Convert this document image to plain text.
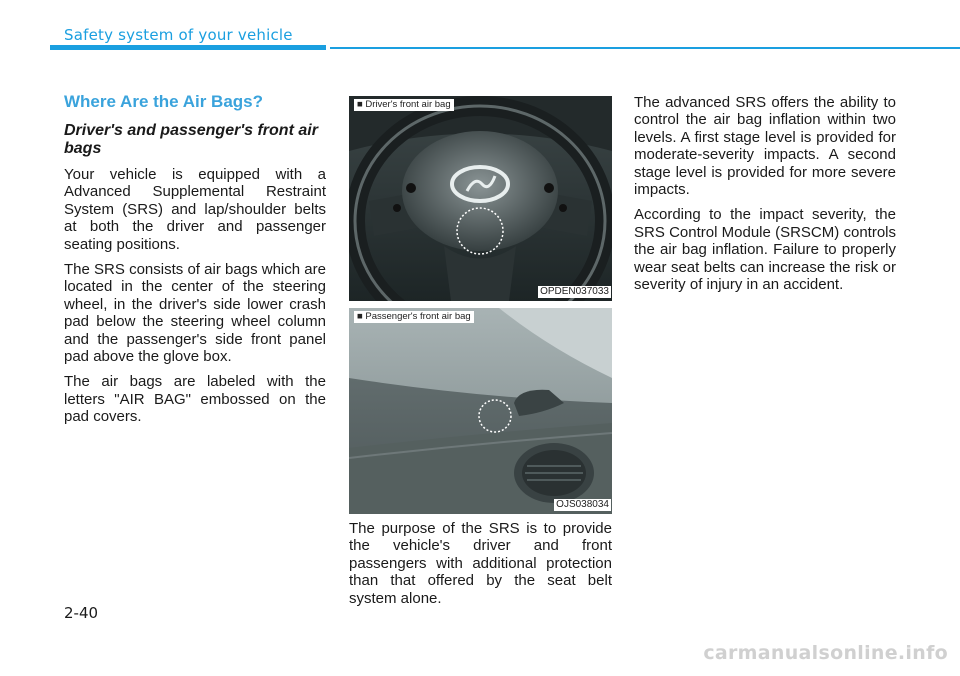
Safety system of your vehicle
Where Are the Air Bags?
Driver's and passenger's front air bags

Your vehicle is equipped with a Advanced Supplemental Restraint System (SRS) and lap/shoulder belts at both the driver and passenger seating positions.

The SRS consists of air bags which are located in the center of the steering wheel, in the driver's side lower crash pad below the steering wheel column and the passenger's side front panel pad above the glove box.

The air bags are labeled with the letters "AIR BAG" embossed on the pad covers.

■ Driver's front air bag
OPDEN037033
■ Passenger's front air bag
OJS038034

The purpose of the SRS is to provide the vehicle's driver and front passengers with additional protection than that offered by the seat belt system alone.

The advanced SRS offers the ability to control the air bag inflation within two levels. A first stage level is provided for moderate-severity impacts. A second stage level is provided for more severe impacts.

According to the impact severity, the SRS Control Module (SRSCM) controls the air bag inflation. Failure to properly wear seat belts can increase the risk or severity of injury in an accident.

2-40
carmanualsonline.info
